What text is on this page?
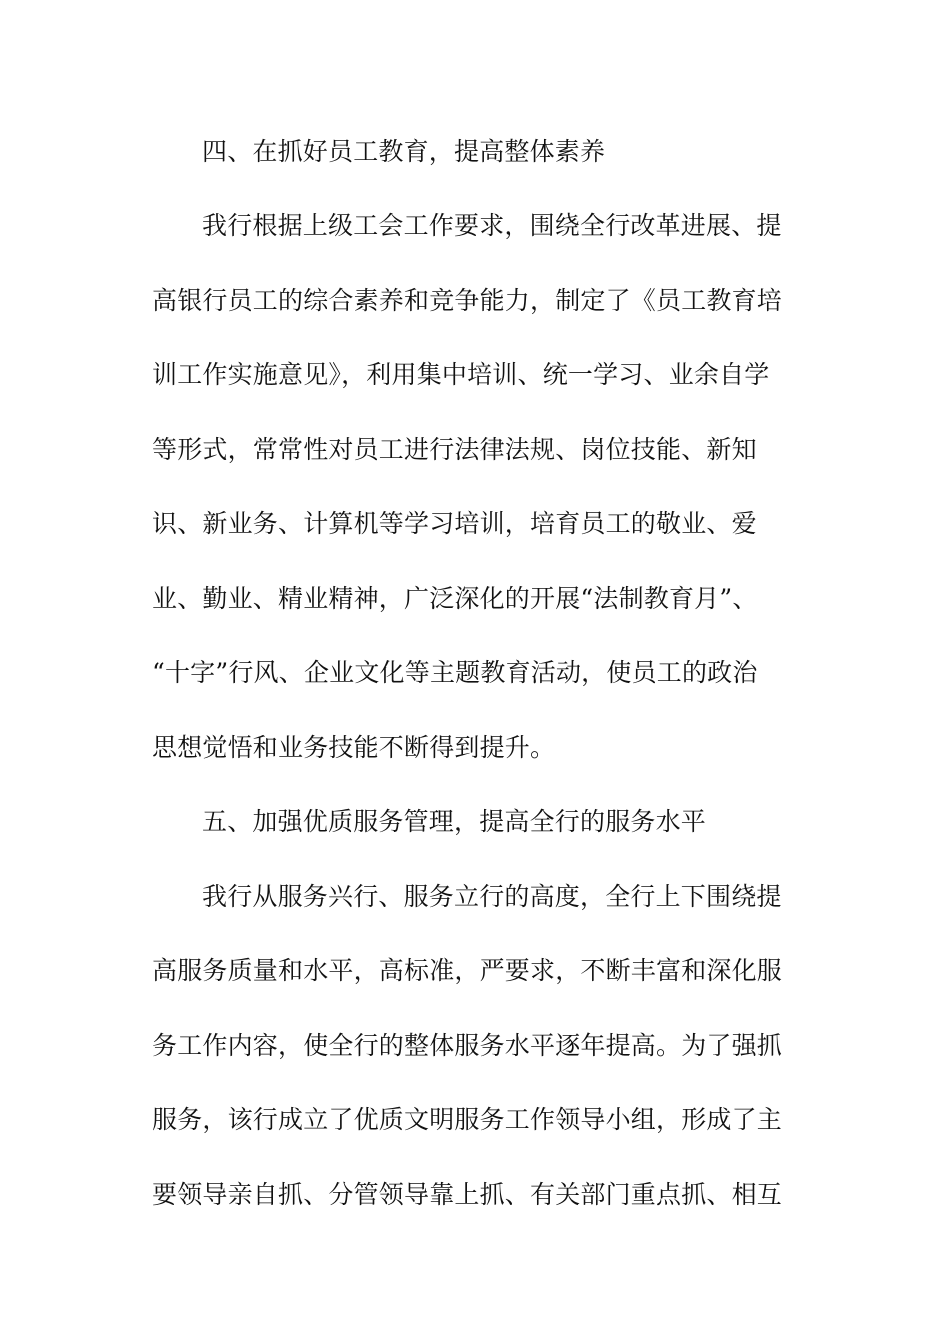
四、在抓好员工教育，提高整体素养
我行根据上级工会工作要求，围绕全行改革进展、提
高银行员工的综合素养和竞争能力，制定了《员工教育培
训工作实施意见》，利用集中培训、统一学习、业余自学
等形式，常常性对员工进行法律法规、岗位技能、新知
识、新业务、计算机等学习培训，培育员工的敬业、爱
业、勤业、精业精神，广泛深化的开展“法制教育月”、
“十字”行风、企业文化等主题教育活动，使员工的政治
思想觉悟和业务技能不断得到提升。
五、加强优质服务管理，提高全行的服务水平
我行从服务兴行、服务立行的高度，全行上下围绕提
高服务质量和水平，高标准，严要求，不断丰富和深化服
务工作内容，使全行的整体服务水平逐年提高。为了强抓
服务，该行成立了优质文明服务工作领导小组，形成了主
要领导亲自抓、分管领导靠上抓、有关部门重点抓、相互
